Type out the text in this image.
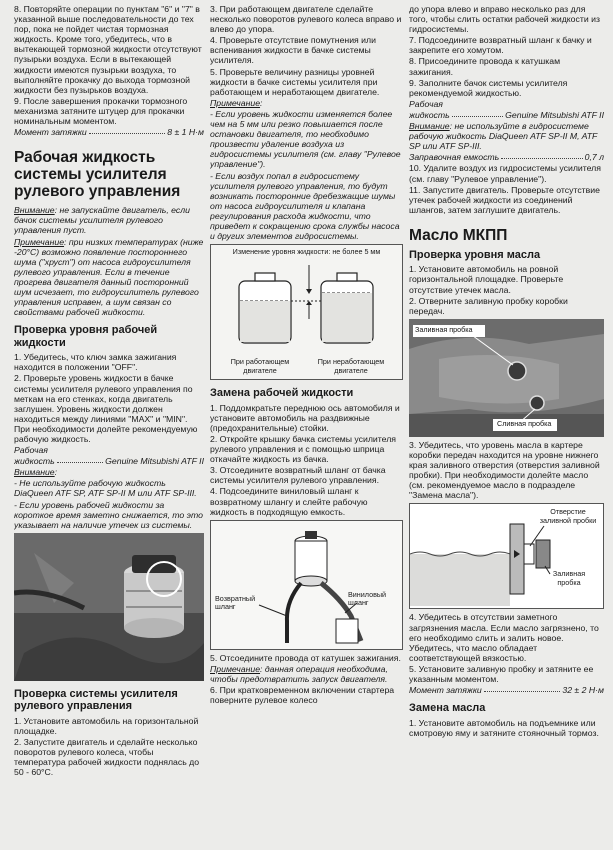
8. Повторяйте операции по пунктам "6" и "7" в указанной выше последовательности до тех пор, пока не пойдет чистая тормозная жидкость. Кроме того, убедитесь, что в вытекающей тормозной жидкости отсутствуют пузырьки воздуха. Если в вытекающей жидкости имеются пузырьки воздуха, то выполняйте прокачку до выхода тормозной жидкости без пузырьков воздуха.

9. После завершения прокачки тормозного механизма затяните штуцер для прокачки номинальным моментом.

Момент затяжки	8 ± 1 Н·м
Рабочая жидкость системы усилителя рулевого управления

Внимание: не запускайте двигатель, если бачок системы усилителя рулевого управления пуст.

Примечание: при низких температурах (ниже -20°С) возможно появление постороннего шума ("хруст") от насоса гидроусилителя рулевого управления. Если в течение прогрева двигателя данный посторонний шум исчезает, то гидроусилитель рулевого управления исправен, а шум связан со свойствами рабочей жидкости.

Проверка уровня рабочей жидкости

1. Убедитесь, что ключ замка зажигания находится в положении "OFF".

2. Проверьте уровень жидкости в бачке системы усилителя рулевого управления по меткам на его стенках, когда двигатель заглушен. Уровень жидкости должен находиться между линиями "MAX" и "MIN". При необходимости долейте рекомендуемую рабочую жидкость.

Рабочая

жидкость	Genuine Mitsubishi ATF II

Внимание:

- Не используйте рабочую жидкость DiaQueen ATF SP, ATF SP-II M или ATF SP-III.

- Если уровень рабочей жидкости за короткое время заметно снижается, то это указывает на наличие утечек из системы.

Проверка системы усилителя рулевого управления

1. Установите автомобиль на горизонтальной площадке.

2. Запустите двигатель и сделайте несколько поворотов рулевого колеса, чтобы температура рабочей жидкости поднялась до 50 - 60°С.

3. При работающем двигателе сделайте несколько поворотов рулевого колеса вправо и влево до упора.

4. Проверьте отсутствие помутнения или вспенивания жидкости в бачке системы усилителя.

5. Проверьте величину разницы уровней жидкости в бачке системы усилителя при работающем и неработающем двигателе.

Примечание:

- Если уровень жидкости изменяется более чем на 5 мм или резко повышается после остановки двигателя, то необходимо произвести удаление воздуха из гидросистемы усилителя (см. главу "Рулевое управление").

- Если воздух попал в гидросистему усилителя рулевого управления, то будут возникать посторонние дребезжащие шумы от насоса гидроусилителя и клапана регулирования расхода жидкости, что приведет к сокращению срока службы насоса и других элементов гидросистемы.

Изменение уровня жидкости: не более 5 мм
При работающем двигателе
При неработающем двигателе
Замена рабочей жидкости

1. Поддомкратьте переднюю ось автомобиля и установите автомобиль на раздвижные (предохранительные) стойки.

2. Откройте крышку бачка системы усилителя рулевого управления и с помощью шприца откачайте жидкость из бачка.

3. Отсоедините возвратный шланг от бачка системы усилителя рулевого управления.

4. Подсоедините виниловый шланг к возвратному шлангу и слейте рабочую жидкость в подходящую емкость.

Возвратный шланг
Виниловый шланг

5. Отсоедините провода от катушек зажигания.

Примечание: данная операция необходима, чтобы предотвратить запуск двигателя.

6. При кратковременном включении стартера поверните рулевое колесо

до упора влево и вправо несколько раз для того, чтобы слить остатки рабочей жидкости из гидросистемы.

7. Подсоедините возвратный шланг к бачку и закрепите его хомутом.

8. Присоедините провода к катушкам зажигания.

9. Заполните бачок системы усилителя рекомендуемой жидкостью.

Рабочая

жидкость	Genuine Mitsubishi ATF II

Внимание: не используйте в гидросистеме рабочую жидкость DiaQueen ATF SP-II M, ATF SP или ATF SP-III.

Заправочная емкость	0,7 л

10. Удалите воздух из гидросистемы усилителя (см. главу "Рулевое управление").

11. Запустите двигатель. Проверьте отсутствие утечек рабочей жидкости из соединений шлангов, затем заглушите двигатель.

Масло МКПП
Проверка уровня масла

1. Установите автомобиль на ровной горизонтальной площадке. Проверьте отсутствие утечек масла.

2. Отверните заливную пробку коробки передач.

Заливная пробка
Сливная пробка

3. Убедитесь, что уровень масла в картере коробки передач находится на уровне нижнего края заливного отверстия (отверстия заливной пробки). При необходимости долейте масло (см. рекомендуемое масло в подразделе "Замена масла").

Отверстие заливной пробки
Заливная пробка

4. Убедитесь в отсутствии заметного загрязнения масла. Если масло загрязнено, то его необходимо слить и залить новое. Убедитесь, что масло обладает соответствующей вязкостью.

5. Установите заливную пробку и затяните ее указанным моментом.

Момент затяжки	32 ± 2 Н·м
Замена масла

1. Установите автомобиль на подъемнике или смотровую яму и затяните стояночный тормоз.
